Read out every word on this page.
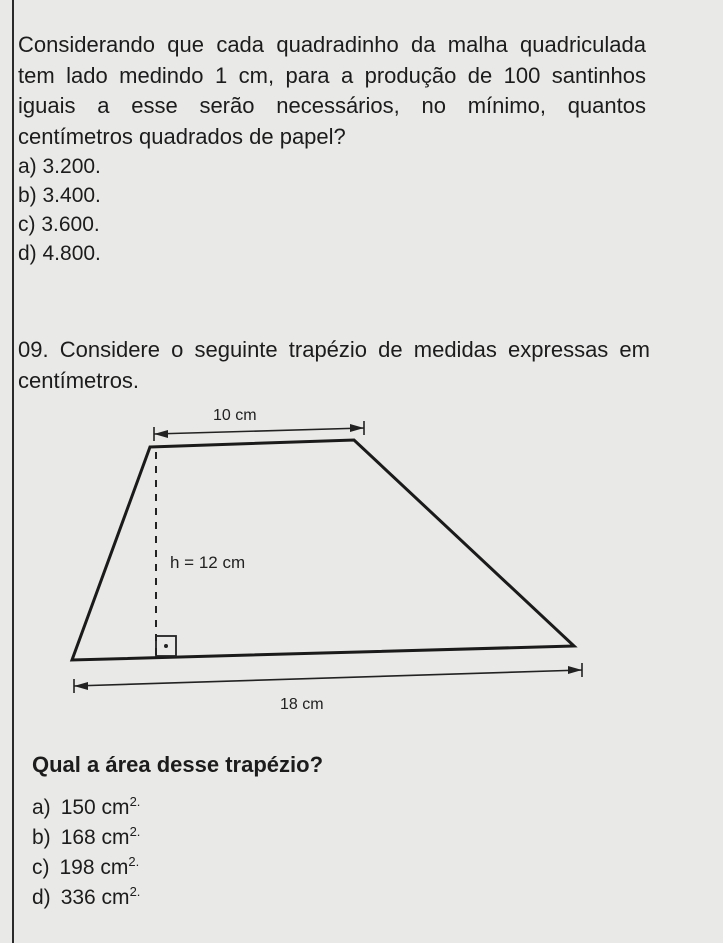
Considerando que cada quadradinho da malha quadriculada tem lado medindo 1 cm, para a produção de 100 santinhos iguais a esse serão necessários, no mínimo, quantos centímetros quadrados de papel?
a) 3.200.
b) 3.400.
c) 3.600.
d) 4.800.
09. Considere o seguinte trapézio de medidas expressas em centímetros.
10 cm
h = 12 cm
18 cm
Qual a área desse trapézio?
a) 150 $cm^{2.}$
b) 168 $cm^{2.}$
c) 198 $cm^{2.}$
d) 336 $cm^{2.}$
